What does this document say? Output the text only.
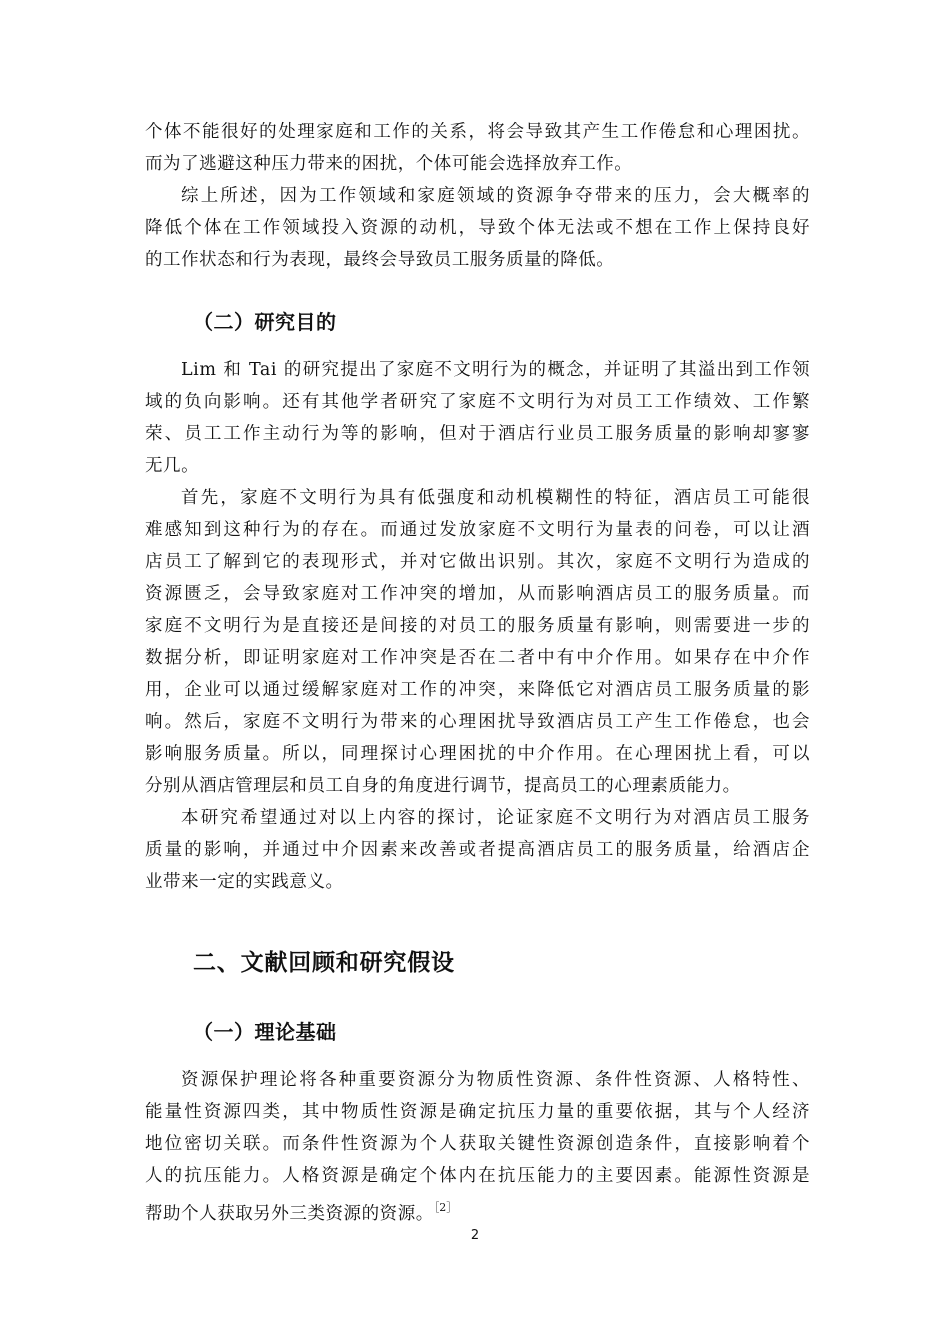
个体不能很好的处理家庭和工作的关系，将会导致其产生工作倦怠和心理困扰。
而为了逃避这种压力带来的困扰，个体可能会选择放弃工作。
综上所述，因为工作领域和家庭领域的资源争夺带来的压力，会大概率的
降低个体在工作领域投入资源的动机，导致个体无法或不想在工作上保持良好
的工作状态和行为表现，最终会导致员工服务质量的降低。
（二）研究目的
Lim 和 Tai 的研究提出了家庭不文明行为的概念，并证明了其溢出到工作领
域的负向影响。还有其他学者研究了家庭不文明行为对员工工作绩效、工作繁
荣、员工工作主动行为等的影响，但对于酒店行业员工服务质量的影响却寥寥
无几。
首先，家庭不文明行为具有低强度和动机模糊性的特征，酒店员工可能很
难感知到这种行为的存在。而通过发放家庭不文明行为量表的问卷，可以让酒
店员工了解到它的表现形式，并对它做出识别。其次，家庭不文明行为造成的
资源匮乏，会导致家庭对工作冲突的增加，从而影响酒店员工的服务质量。而
家庭不文明行为是直接还是间接的对员工的服务质量有影响，则需要进一步的
数据分析，即证明家庭对工作冲突是否在二者中有中介作用。如果存在中介作
用，企业可以通过缓解家庭对工作的冲突，来降低它对酒店员工服务质量的影
响。然后，家庭不文明行为带来的心理困扰导致酒店员工产生工作倦怠，也会
影响服务质量。所以，同理探讨心理困扰的中介作用。在心理困扰上看，可以
分别从酒店管理层和员工自身的角度进行调节，提高员工的心理素质能力。
本研究希望通过对以上内容的探讨，论证家庭不文明行为对酒店员工服务
质量的影响，并通过中介因素来改善或者提高酒店员工的服务质量，给酒店企
业带来一定的实践意义。
二、文献回顾和研究假设
（一）理论基础
资源保护理论将各种重要资源分为物质性资源、条件性资源、人格特性、
能量性资源四类，其中物质性资源是确定抗压力量的重要依据，其与个人经济
地位密切关联。而条件性资源为个人获取关键性资源创造条件，直接影响着个
人的抗压能力。人格资源是确定个体内在抗压能力的主要因素。能源性资源是
帮助个人获取另外三类资源的资源。$^{[2]}$
2
